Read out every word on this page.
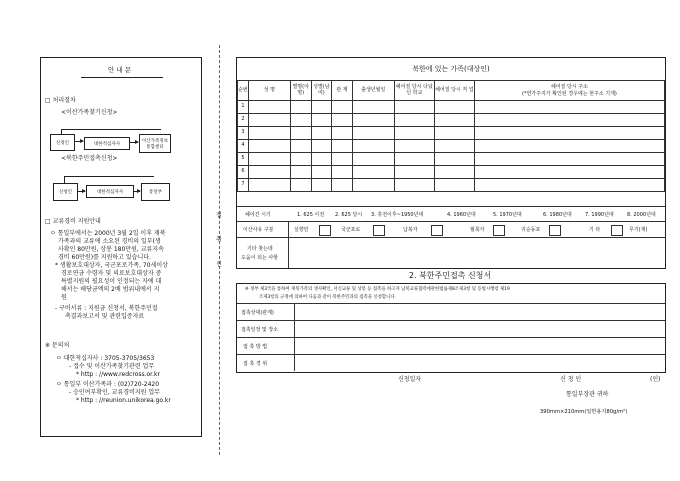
안 내 문
□ 처리절차
<이산가족찾기신청>
신청인	대한적십자사
이산가족정보통합센터
<북한주민접촉신청>
신청인	대한적십자사	통일부
□ 교류경비 지원안내
ㅇ 통일부에서는 2000년 3월 2일 이후 재북
가족과의 교류에 소요된 경비의 일부(생
사확인 80만원, 상봉 180만원, 교류지속
경비 60만원)를 지원하고 있습니다.
* 생활보호대상자, 국군포로가족, 70세이상
경로연금 수령자 및 의료보호대상자 중
특별지원의 필요성이 인정되는 자에 대
해서는 해당금액의 2배 범위내에서 지
원
- 구비서류 : 지원금 신청서, 북한주민접
촉결과보고서 및 관련입증자료
※ 문의처
ㅇ 대한적십자사 : 3705-3705/3653
- 접수 및 이산가족찾기관련 업무
* http : //www.redcross.or.kr
ㅇ 통일부 이산가족과 : (02)720-2420
- 승인여부확인, 교류경비지원 업무
* http : //reunion.unikorea.go.kr
절
취
선
북한에 있는 가족(대상인)
순번	성 명	별명(아명)	성별(남여)	관 계	출생년월일	헤어질 당시 다녔던 학교	헤어질 당시 직 업	헤어질 당시 주소
(*연가주지가 확인된 경우에는 현주소 기재)
1								
2								
3								
4								
5								
6								
7								
헤어진 시기	1. 625 이전 2. 625 당시 3. 휴전이후~1950년대	4. 1960년대	5. 1970년대	6. 1980년대	7. 1990년대	8. 2000년대
이산사유 구분	실향민	국군포로	납북자	월북자	귀순동포	기 타	무기(재)
기타 찾는데
도움이 되는 사항
2. 북한주민접촉 신청서
※ 정부 제3국을 통하여 재북가족의 생사확인, 서신교류 및 상봉 등 접촉을 하고자 남북교류협력에관한법률제8조제3항 및 동법시행령 제19
조제3항의 규정에 의하여 다음과 같이 북한주민과의 접촉을 신청합니다.
접촉상대(관계)
접촉일정 및 장소
접 촉 방 법
접 촉 경 위
신청일자	신 청 인	(인)
통일부장관 귀하
390mm×210mm(일반용지80g/m²)
